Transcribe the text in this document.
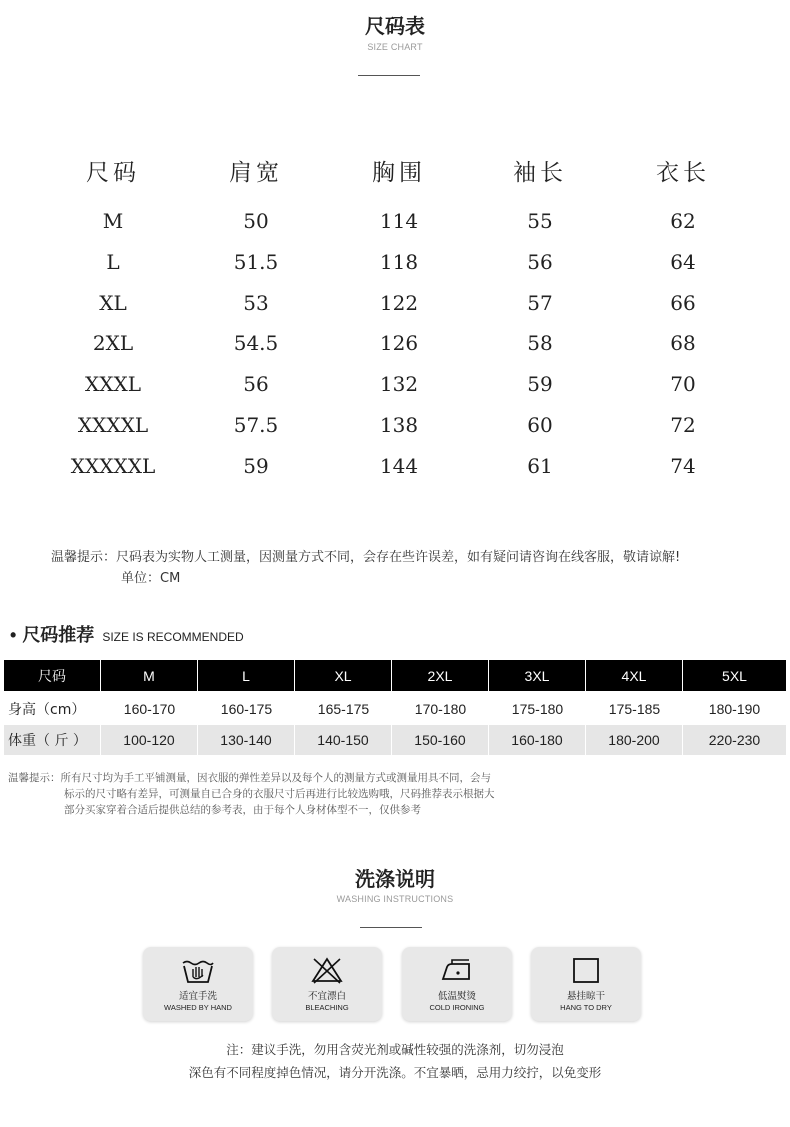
尺码表
SIZE CHART
尺码	肩宽	胸围	袖长	衣长
M	50	114	55	62
L	51.5	118	56	64
XL	53	122	57	66
2XL	54.5	126	58	68
XXXL	56	132	59	70
XXXXL	57.5	138	60	72
XXXXXL	59	144	61	74
温馨提示：尺码表为实物人工测量，因测量方式不同，会存在些许误差，如有疑问请咨询在线客服，敬请谅解!
单位：CM
• 尺码推荐 SIZE IS RECOMMENDED
尺码	M	L	XL	2XL	3XL	4XL	5XL
身高（cm）	160-170	160-175	165-175	170-180	175-180	175-185	180-190
体重（ 斤 ）	100-120	130-140	140-150	150-160	160-180	180-200	220-230
温馨提示：所有尺寸均为手工平铺测量，因衣服的弹性差异以及每个人的测量方式或测量用具不同，会与
标示的尺寸略有差异，可测量自已合身的衣服尺寸后再进行比较选购哦，尺码推荐表示根据大
部分买家穿着合适后提供总结的参考表，由于每个人身材体型不一，仅供参考
洗涤说明
WASHING INSTRUCTIONS
适宜手洗
WASHED BY HAND
不宜漂白
BLEACHING
低温熨烫
COLD IRONING
悬挂晾干
HANG TO DRY
注：建议手洗，勿用含荧光剂或碱性较强的洗涤剂，切勿浸泡
深色有不同程度掉色情况，请分开洗涤。不宜暴晒，忌用力绞拧，以免变形
